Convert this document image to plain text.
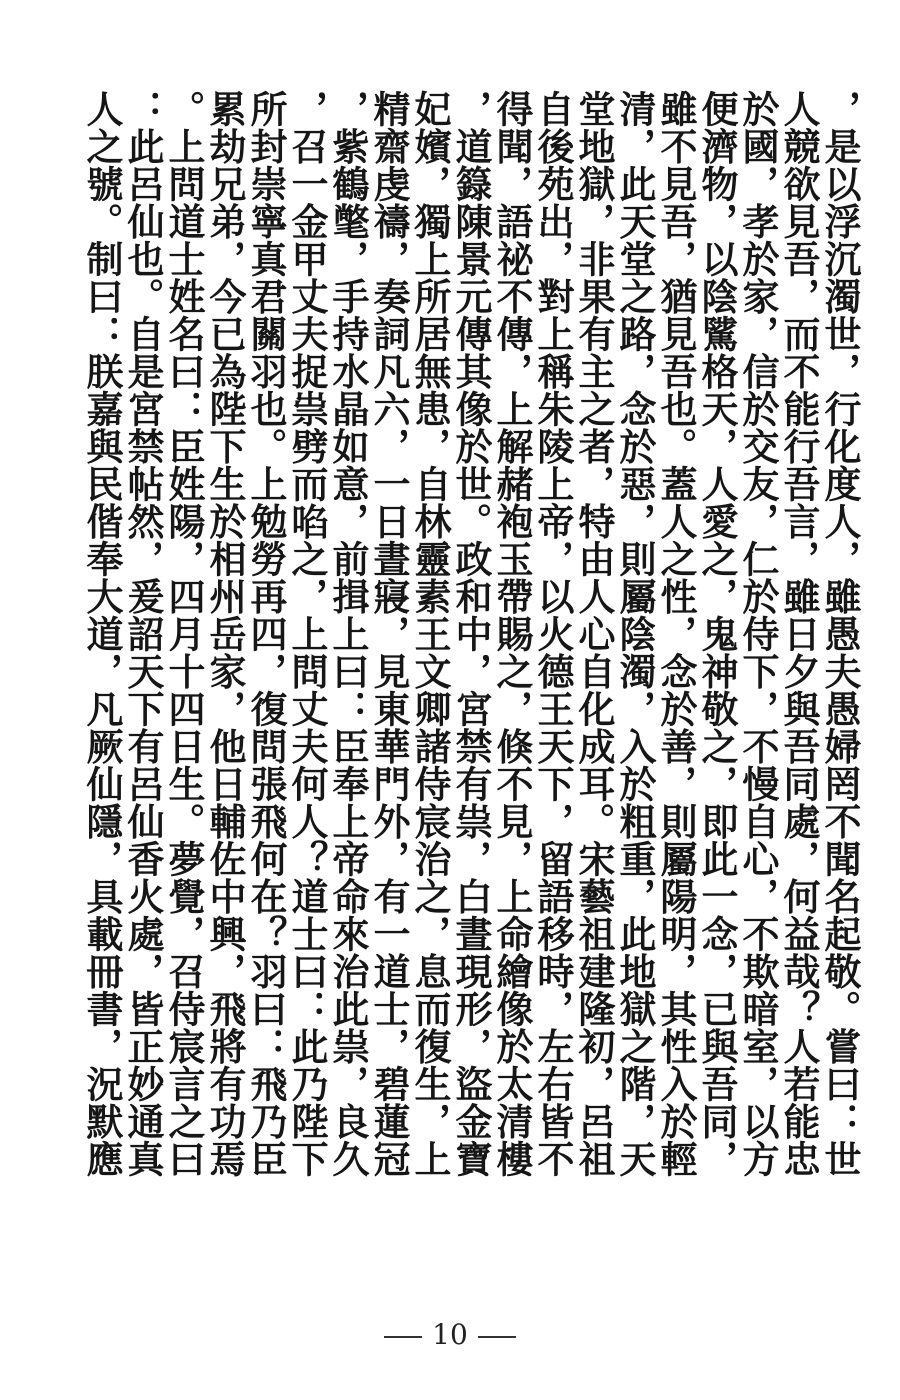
，是以浮沉濁世，行化度人，雖愚夫愚婦罔不聞名起敬。嘗曰：世
人競欲見吾，而不能行吾言，雖日夕與吾同處，何益哉？人若能忠
於國，孝於家，信於交友，仁於侍下，不慢自心，不欺暗室，以方
便濟物，以陰騭格天，人愛之，鬼神敬之，即此一念，已與吾同，
雖不見吾，猶見吾也。蓋人之性，念於善，則屬陽明，其性入於輕
清，此天堂之路，念於惡，則屬陰濁，入於粗重，此地獄之階，天
堂地獄，非果有主之者，特由人心自化成耳。宋藝祖建隆初，呂祖
自後苑出，對上稱朱陵上帝，以火德王天下，留語移時，左右皆不
得聞，語祕不傳，上解赭袍玉帶賜之，倏不見，上命繪像於太清樓
，道籙陳景元傳其像於世。政和中，宮禁有祟，白晝現形，盜金寶
妃嬪，獨上所居無患，自林靈素王文卿諸侍宸治之，息而復生，上
精齋虔禱，奏詞凡六，一日晝寢，見東華門外，有一道士，碧蓮冠
，紫鶴氅，手持水晶如意，前揖上曰：臣奉上帝命來治此祟，良久
，召一金甲丈夫捉祟劈而啗之，上問丈夫何人？道士曰：此乃陛下
所封崇寧真君關羽也。上勉勞再四，復問張飛何在？羽曰：飛乃臣
累劫兄弟，今已為陛下生於相州岳家，他日輔佐中興，飛將有功焉
。上問道士姓名曰：臣姓陽，四月十四日生。夢覺，召侍宸言之曰
：此呂仙也。自是宮禁帖然，爰詔天下有呂仙香火處，皆正妙通真
人之號。制曰：朕嘉與民偕奉大道，凡厥仙隱，具載冊書，況默應
10
